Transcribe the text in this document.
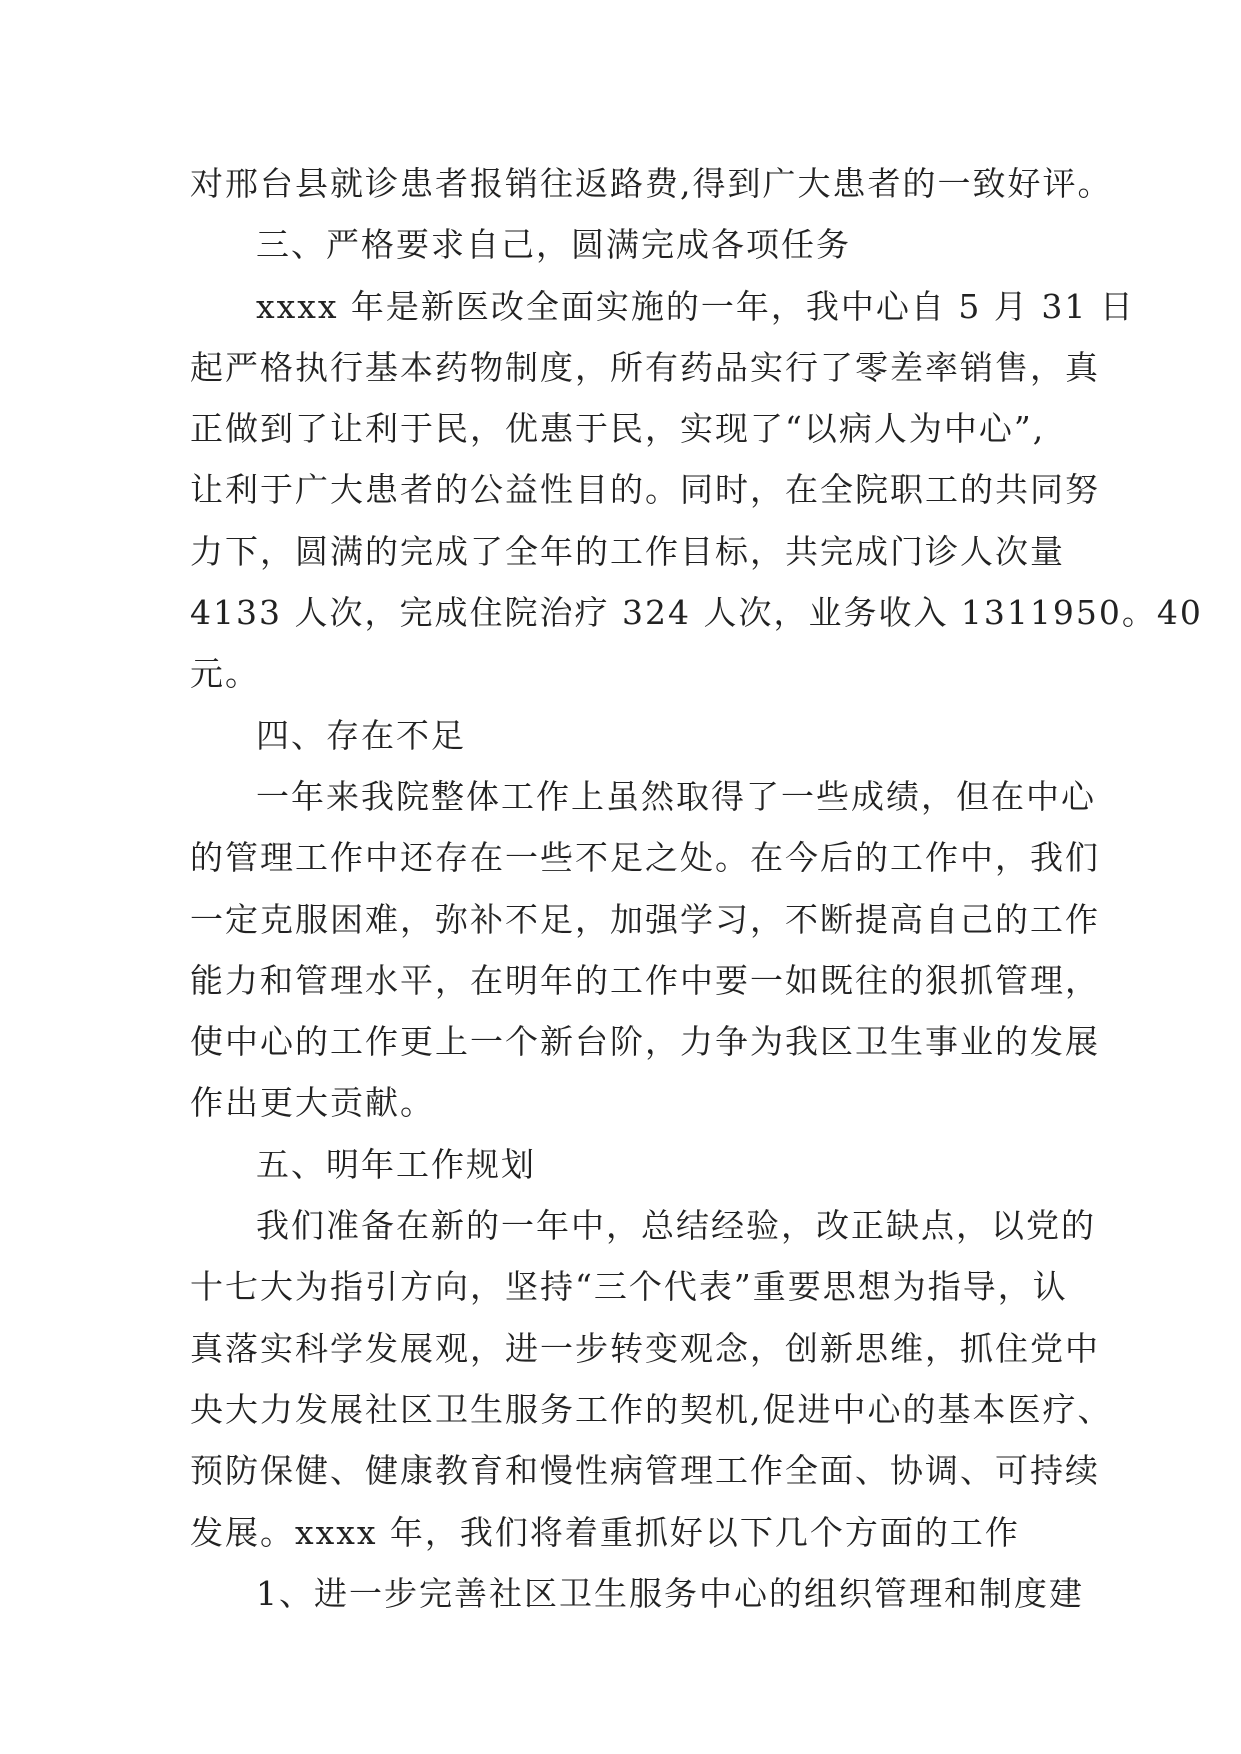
对邢台县就诊患者报销往返路费,得到广大患者的一致好评。
三、严格要求自己，圆满完成各项任务
xxxx 年是新医改全面实施的一年，我中心自 5 月 31 日
起严格执行基本药物制度，所有药品实行了零差率销售，真
正做到了让利于民，优惠于民，实现了“以病人为中心”,
让利于广大患者的公益性目的。同时，在全院职工的共同努
力下，圆满的完成了全年的工作目标，共完成门诊人次量
4133 人次，完成住院治疗 324 人次，业务收入 1311950。40
元。
四、存在不足
一年来我院整体工作上虽然取得了一些成绩，但在中心
的管理工作中还存在一些不足之处。在今后的工作中，我们
一定克服困难，弥补不足，加强学习，不断提高自己的工作
能力和管理水平，在明年的工作中要一如既往的狠抓管理，
使中心的工作更上一个新台阶，力争为我区卫生事业的发展
作出更大贡献。
五、明年工作规划
我们准备在新的一年中，总结经验，改正缺点，以党的
十七大为指引方向，坚持“三个代表”重要思想为指导，认
真落实科学发展观，进一步转变观念，创新思维，抓住党中
央大力发展社区卫生服务工作的契机,促进中心的基本医疗、
预防保健、健康教育和慢性病管理工作全面、协调、可持续
发展。xxxx 年，我们将着重抓好以下几个方面的工作
1、进一步完善社区卫生服务中心的组织管理和制度建
